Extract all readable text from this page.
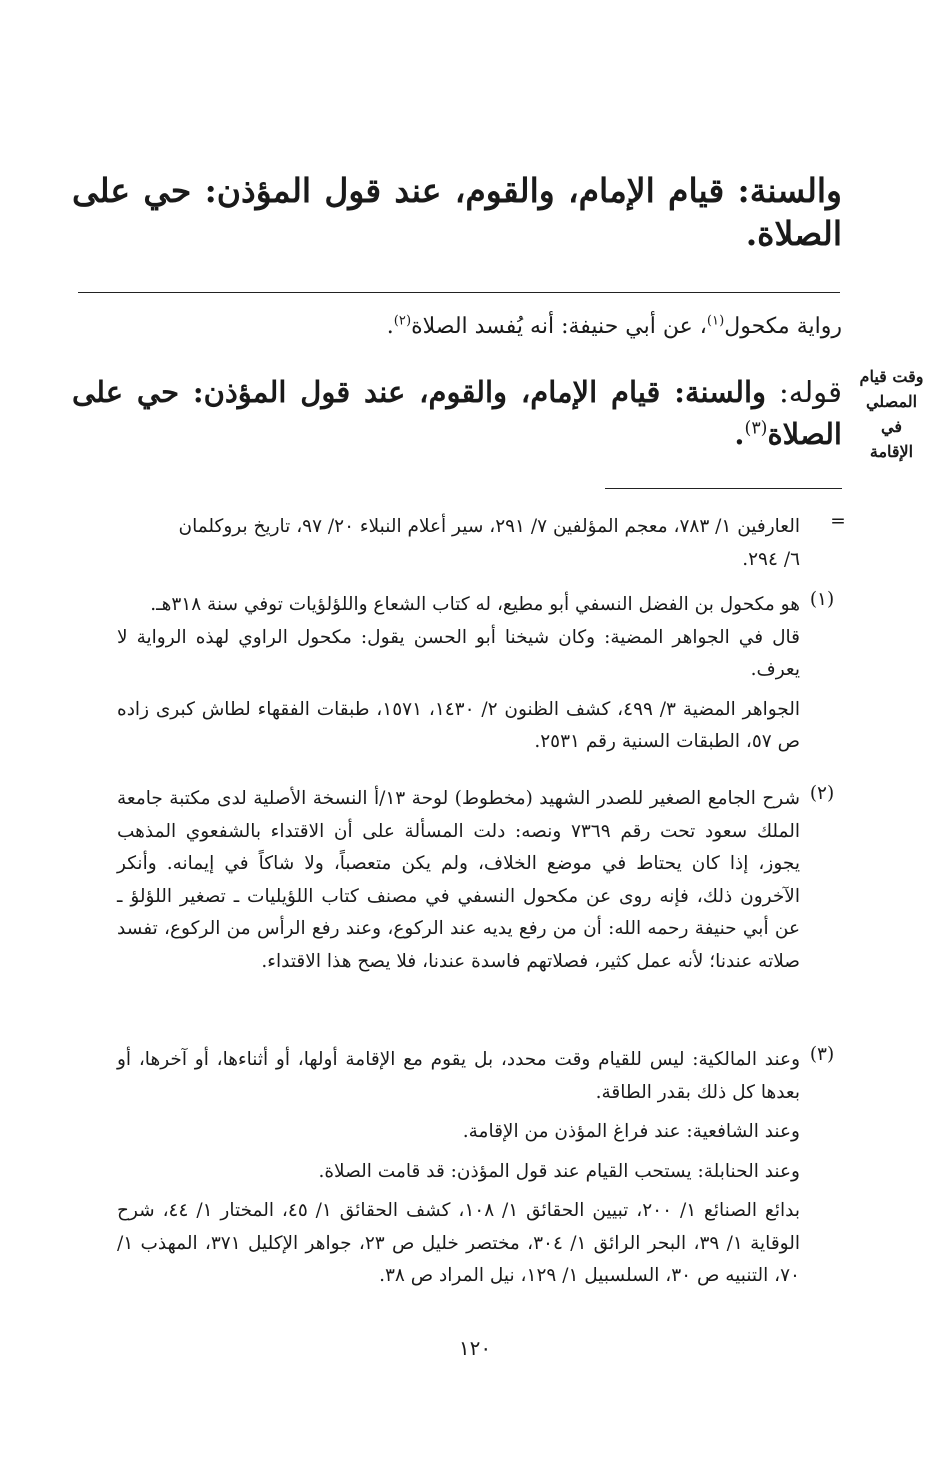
والسنة: قيام الإمام، والقوم، عند قول المؤذن: حي على
الصلاة.
رواية مكحول$^{(١)}$، عن أبي حنيفة: أنه يُفسد الصلاة$^{(٢)}$.
قوله: والسنة: قيام الإمام، والقوم، عند قول المؤذن: حي على
الصلاة$^{(٣)}$.
وقت قيام
المصلي
في
الإقامة
=

العارفين ١/ ٧٨٣، معجم المؤلفين ٧/ ٢٩١، سير أعلام النبلاء ٢٠/ ٩٧، تاريخ بروكلمان

٦/ ٢٩٤.

(١)

هو مكحول بن الفضل النسفي أبو مطيع، له كتاب الشعاع واللؤلؤيات توفي سنة ٣١٨هـ.

قال في الجواهر المضية: وكان شيخنا أبو الحسن يقول: مكحول الراوي لهذه الرواية لا يعرف.

الجواهر المضية ٣/ ٤٩٩، كشف الظنون ٢/ ١٤٣٠، ١٥٧١، طبقات الفقهاء لطاش كبرى زاده ص ٥٧، الطبقات السنية رقم ٢٥٣١.

(٢)

شرح الجامع الصغير للصدر الشهيد (مخطوط) لوحة ١٣/أ النسخة الأصلية لدى مكتبة جامعة الملك سعود تحت رقم ٧٣٦٩ ونصه: دلت المسألة على أن الاقتداء بالشفعوي المذهب يجوز، إذا كان يحتاط في موضع الخلاف، ولم يكن متعصباً، ولا شاكاً في إيمانه. وأنكر الآخرون ذلك، فإنه روى عن مكحول النسفي في مصنف كتاب اللؤيليات ـ تصغير اللؤلؤ ـ عن أبي حنيفة رحمه الله: أن من رفع يديه عند الركوع، وعند رفع الرأس من الركوع، تفسد صلاته عندنا؛ لأنه عمل كثير، فصلاتهم فاسدة عندنا، فلا يصح هذا الاقتداء.

(٣)

وعند المالكية: ليس للقيام وقت محدد، بل يقوم مع الإقامة أولها، أو أثناءها، أو آخرها، أو بعدها كل ذلك بقدر الطاقة.

وعند الشافعية: عند فراغ المؤذن من الإقامة.

وعند الحنابلة: يستحب القيام عند قول المؤذن: قد قامت الصلاة.

بدائع الصنائع ١/ ٢٠٠، تبيين الحقائق ١/ ١٠٨، كشف الحقائق ١/ ٤٥، المختار ١/ ٤٤، شرح الوقاية ١/ ٣٩، البحر الرائق ١/ ٣٠٤، مختصر خليل ص ٢٣، جواهر الإكليل ٣٧١، المهذب ١/ ٧٠، التنبيه ص ٣٠، السلسبيل ١/ ١٢٩، نيل المراد ص ٣٨.

١٢٠
